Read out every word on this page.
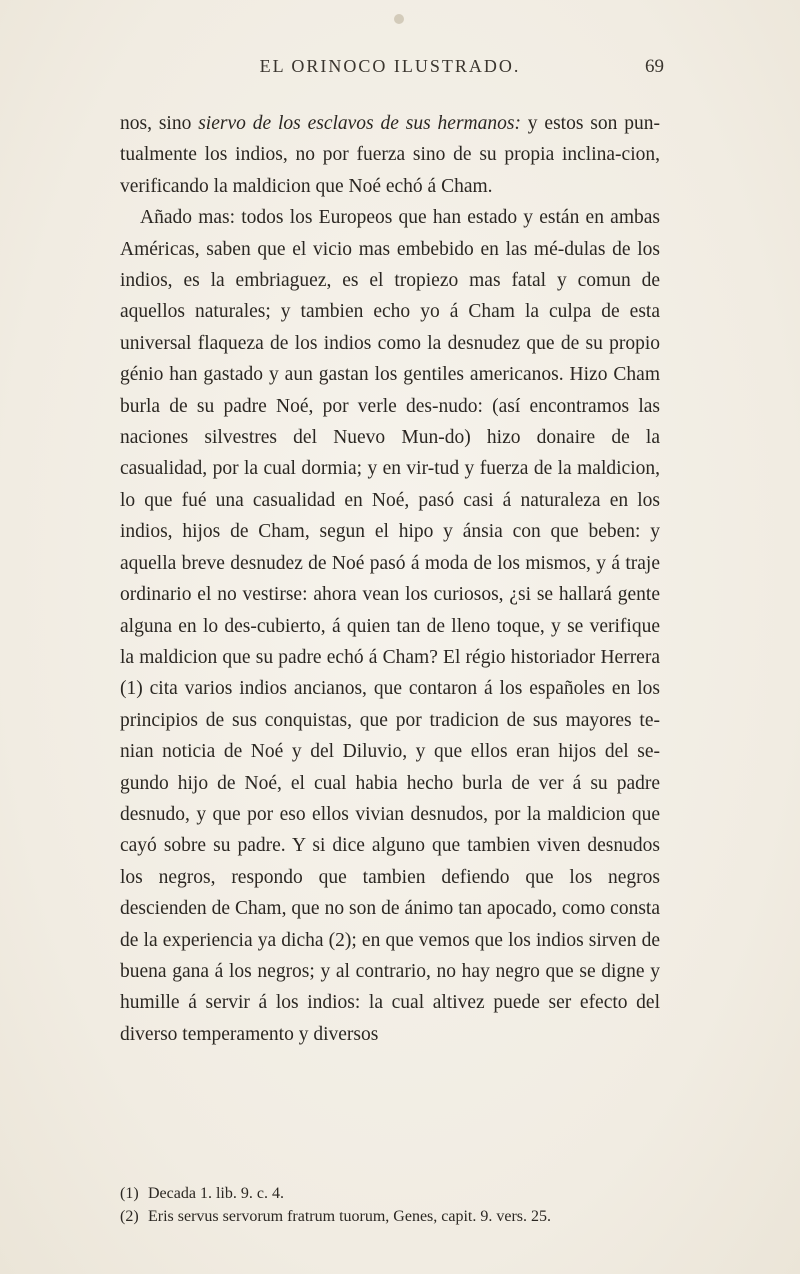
EL ORINOCO ILUSTRADO.	69

nos, sino siervo de los esclavos de sus hermanos: y estos son pun-tualmente los indios, no por fuerza sino de su propia inclina-cion, verificando la maldicion que Noé echó á Cham.

Añado mas: todos los Europeos que han estado y están en ambas Américas, saben que el vicio mas embebido en las mé-dulas de los indios, es la embriaguez, es el tropiezo mas fatal y comun de aquellos naturales; y tambien echo yo á Cham la culpa de esta universal flaqueza de los indios como la desnudez que de su propio génio han gastado y aun gastan los gentiles americanos. Hizo Cham burla de su padre Noé, por verle des-nudo: (así encontramos las naciones silvestres del Nuevo Mun-do) hizo donaire de la casualidad, por la cual dormia; y en vir-tud y fuerza de la maldicion, lo que fué una casualidad en Noé, pasó casi á naturaleza en los indios, hijos de Cham, segun el hipo y ánsia con que beben: y aquella breve desnudez de Noé pasó á moda de los mismos, y á traje ordinario el no vestirse: ahora vean los curiosos, ¿si se hallará gente alguna en lo des-cubierto, á quien tan de lleno toque, y se verifique la maldicion que su padre echó á Cham? El régio historiador Herrera (1) cita varios indios ancianos, que contaron á los españoles en los principios de sus conquistas, que por tradicion de sus mayores te-nian noticia de Noé y del Diluvio, y que ellos eran hijos del se-gundo hijo de Noé, el cual habia hecho burla de ver á su padre desnudo, y que por eso ellos vivian desnudos, por la maldicion que cayó sobre su padre. Y si dice alguno que tambien viven desnudos los negros, respondo que tambien defiendo que los negros descienden de Cham, que no son de ánimo tan apocado, como consta de la experiencia ya dicha (2); en que vemos que los indios sirven de buena gana á los negros; y al contrario, no hay negro que se digne y humille á servir á los indios: la cual altivez puede ser efecto del diverso temperamento y diversos

(1) Decada 1. lib. 9. c. 4.

(2) Eris servus servorum fratrum tuorum, Genes, capit. 9. vers. 25.
